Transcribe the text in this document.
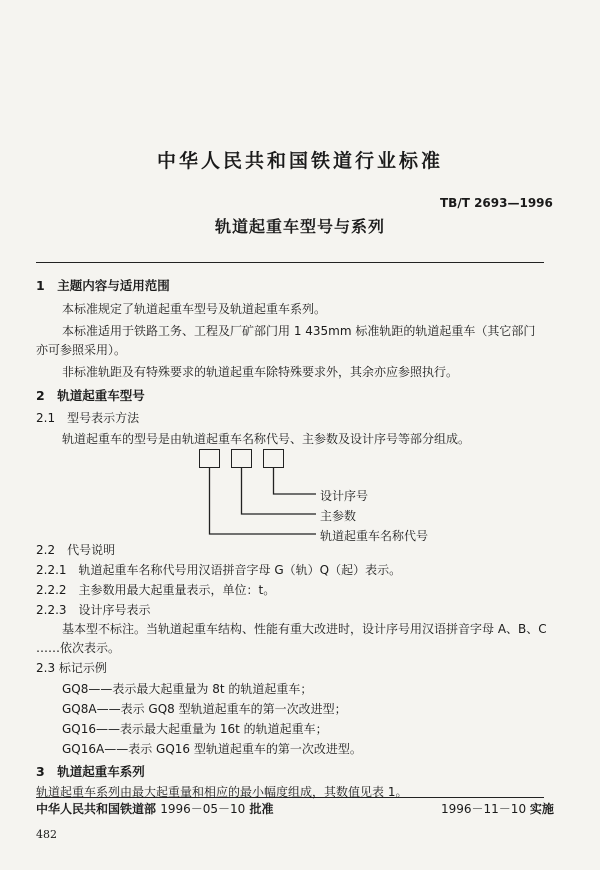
中华人民共和国铁道行业标准
TB/T 2693—1996
轨道起重车型号与系列
1　主题内容与适用范围
本标准规定了轨道起重车型号及轨道起重车系列。
本标准适用于铁路工务、工程及厂矿部门用 1 435mm 标准轨距的轨道起重车（其它部门
亦可参照采用）。
非标准轨距及有特殊要求的轨道起重车除特殊要求外，其余亦应参照执行。
2　轨道起重车型号
2.1　型号表示方法
轨道起重车的型号是由轨道起重车名称代号、主参数及设计序号等部分组成。
设计序号
主参数
轨道起重车名称代号
2.2　代号说明
2.2.1　轨道起重车名称代号用汉语拼音字母 G（轨）Q（起）表示。
2.2.2　主参数用最大起重量表示，单位：t。
2.2.3　设计序号表示
基本型不标注。当轨道起重车结构、性能有重大改进时，设计序号用汉语拼音字母 A、B、C
……依次表示。
2.3 标记示例
GQ8——表示最大起重量为 8t 的轨道起重车；
GQ8A——表示 GQ8 型轨道起重车的第一次改进型；
GQ16——表示最大起重量为 16t 的轨道起重车；
GQ16A——表示 GQ16 型轨道起重车的第一次改进型。
3　轨道起重车系列
轨道起重车系列由最大起重量和相应的最小幅度组成，其数值见表 1。
中华人民共和国铁道部 1996－05－10 批准	1996－11－10 实施
482
